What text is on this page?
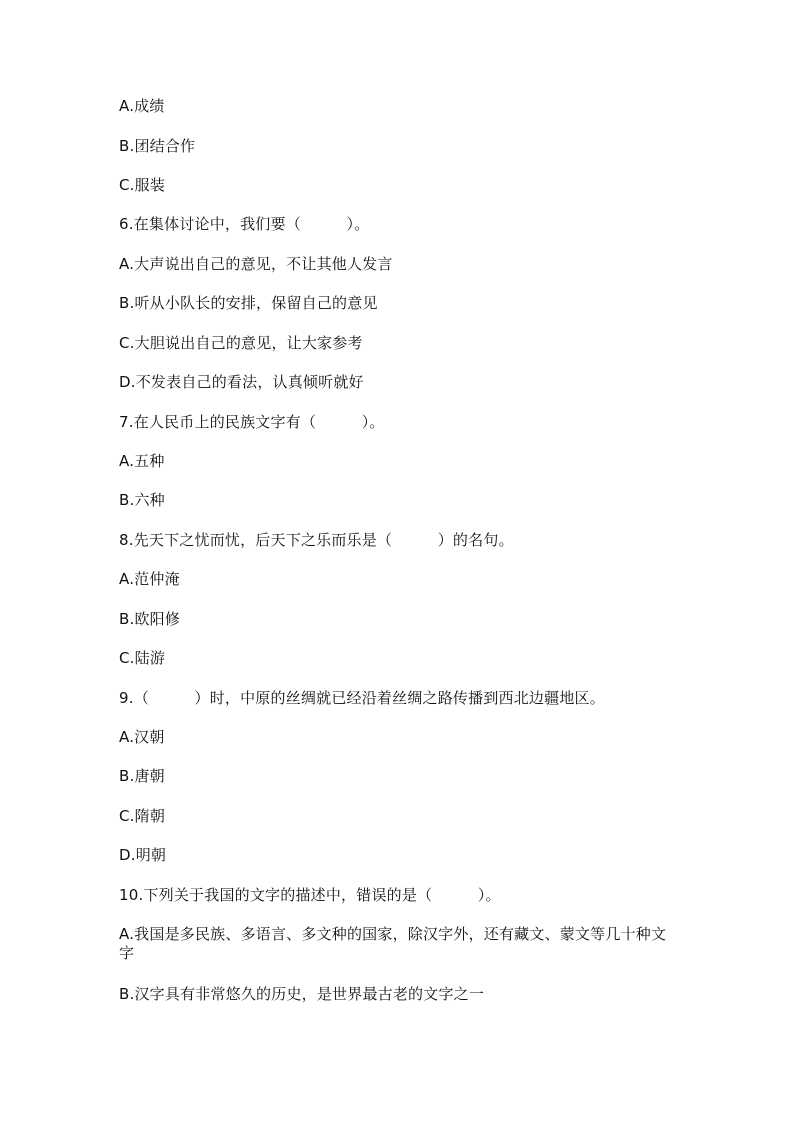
A.成绩
B.团结合作
C.服装
6.在集体讨论中，我们要（　　　）。
A.大声说出自己的意见，不让其他人发言
B.听从小队长的安排，保留自己的意见
C.大胆说出自己的意见，让大家参考
D.不发表自己的看法，认真倾听就好
7.在人民币上的民族文字有（　　　）。
A.五种
B.六种
8.先天下之忧而忧，后天下之乐而乐是（　　　）的名句。
A.范仲淹
B.欧阳修
C.陆游
9.（　　　）时，中原的丝绸就已经沿着丝绸之路传播到西北边疆地区。
A.汉朝
B.唐朝
C.隋朝
D.明朝
10.下列关于我国的文字的描述中，错误的是（　　　）。
A.我国是多民族、多语言、多文种的国家，除汉字外，还有藏文、蒙文等几十种文字
B.汉字具有非常悠久的历史，是世界最古老的文字之一
